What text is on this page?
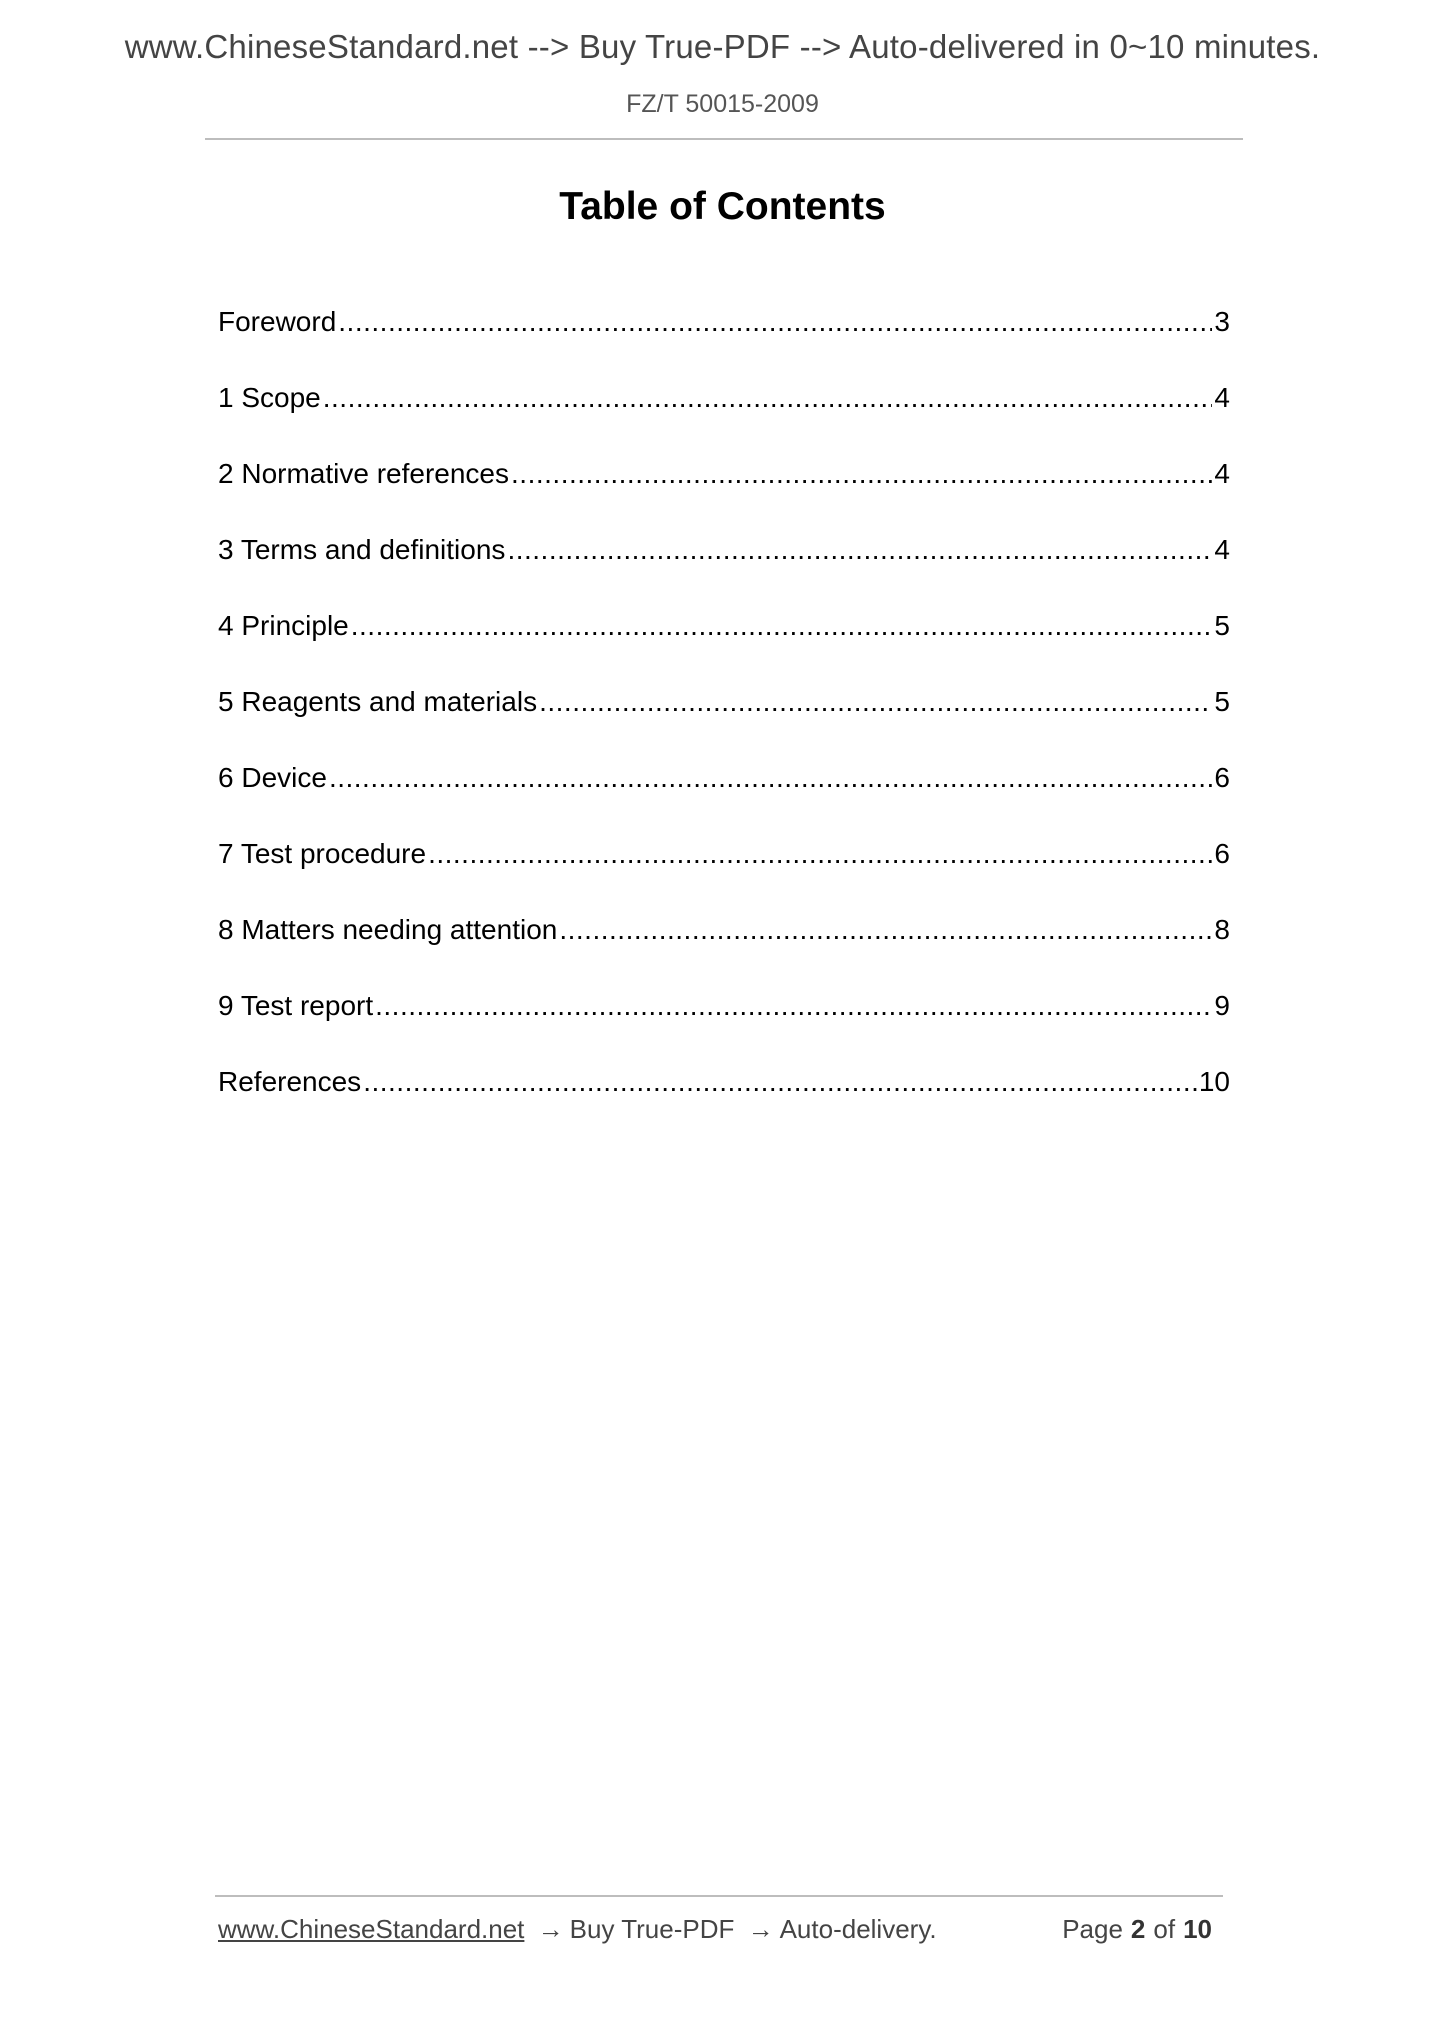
www.ChineseStandard.net --> Buy True-PDF --> Auto-delivered in 0~10 minutes.
FZ/T 50015-2009
Table of Contents
Foreword .....	3
1 Scope .....	4
2 Normative references .....	4
3 Terms and definitions .....	4
4 Principle .....	5
5 Reagents and materials .....	5
6 Device .....	6
7 Test procedure .....	6
8 Matters needing attention .....	8
9 Test report .....	9
References .....	10
www.ChineseStandard.net → Buy True-PDF → Auto-delivery.	Page 2 of 10
